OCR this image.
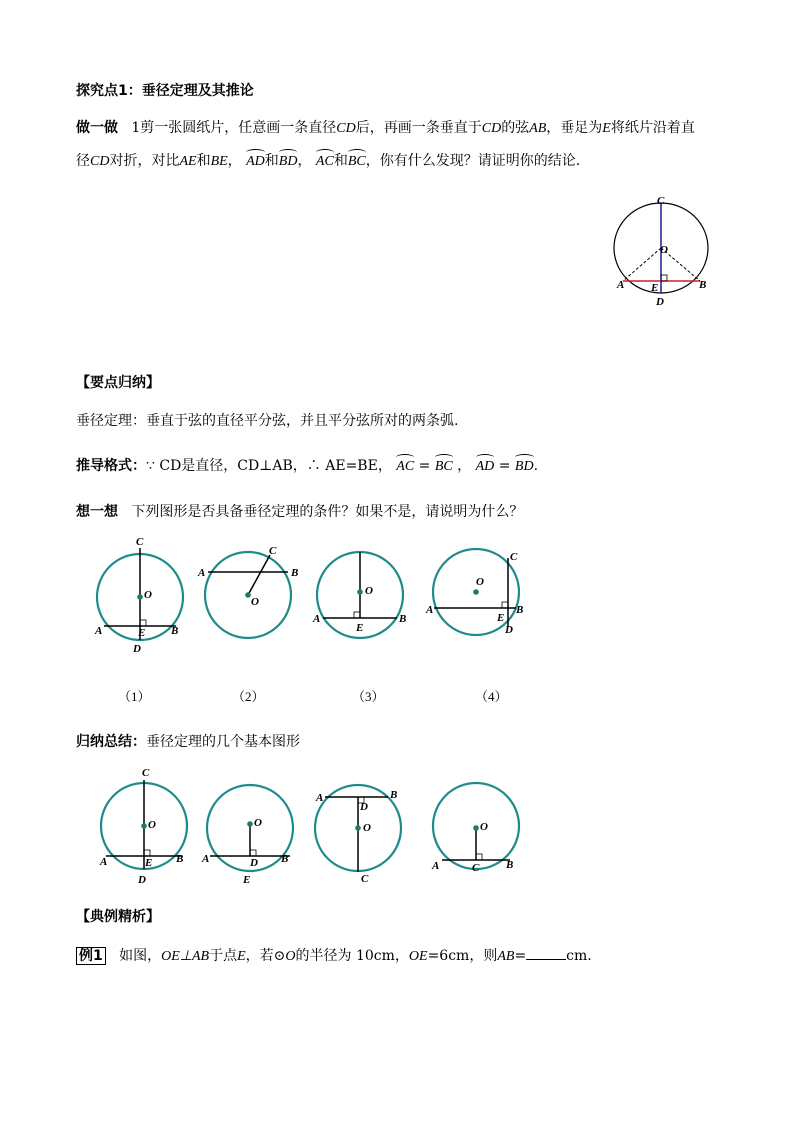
探究点1：垂径定理及其推论
做一做 1剪一张圆纸片，任意画一条直径CD后，再画一条垂直于CD的弦AB，垂足为E将纸片沿着直
径CD对折，对比AE和BE， AD和BD， AC和BC，你有什么发现？请证明你的结论.
C
O
A	B
E
D
【要点归纳】
垂径定理：垂直于弦的直径平分弦，并且平分弦所对的两条弧.
推导格式：∵ CD是直径，CD⊥AB，∴ AE=BE， AC = BC ， AD = BD.
想一想 下列图形是否具备垂径定理的条件？如果不是，请说明为什么？
C
O
A	B
E
D
C
A	B
O
O
A	B
E
O
C
A	B
E
D
（1）	（2）	（3）	（4）
归纳总结：垂径定理的几个基本图形
C
O
A	B
E
D
O
A	B
D
E
A	B
D
O
C
O
A	B
C
【典例精析】
例1 如图，OE⊥AB于点E，若⊙O的半径为 10cm，OE=6cm，则AB=	cm.
